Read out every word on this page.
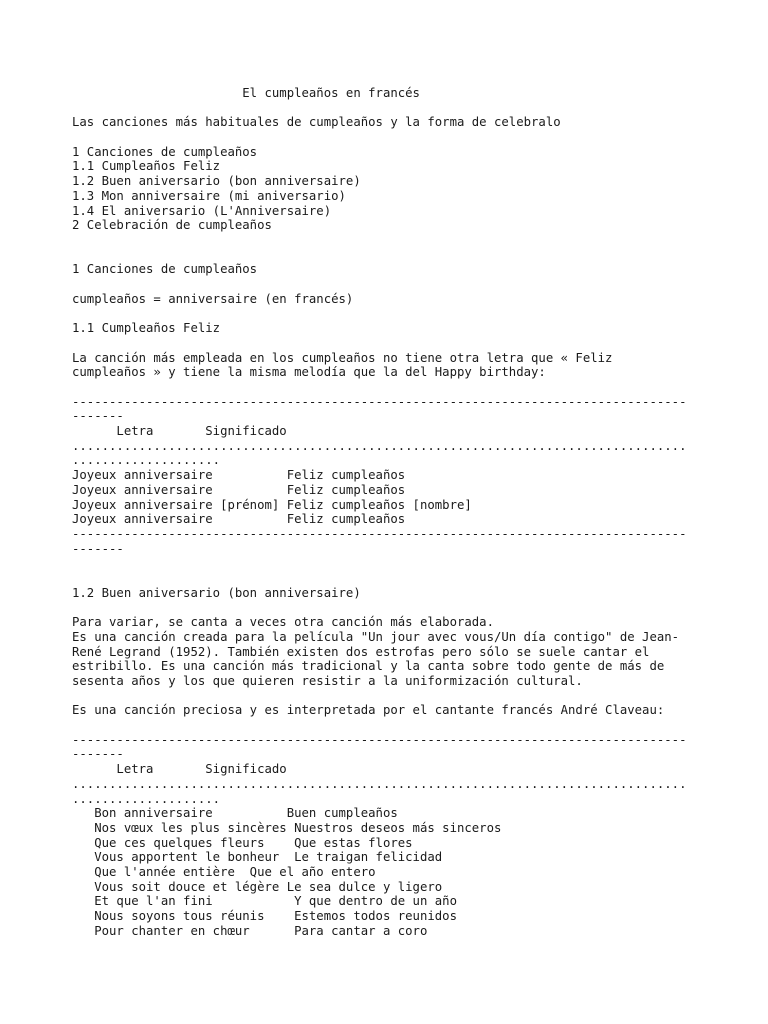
El cumpleaños en francés
Las canciones más habituales de cumpleaños y la forma de celebralo
1 Canciones de cumpleaños
1.1 Cumpleaños Feliz
1.2 Buen aniversario (bon anniversaire)
1.3 Mon anniversaire (mi aniversario)
1.4 El aniversario (L'Anniversaire)
2 Celebración de cumpleaños
1 Canciones de cumpleaños
cumpleaños = anniversaire (en francés)
1.1 Cumpleaños Feliz
La canción más empleada en los cumpleaños no tiene otra letra que « Feliz
cumpleaños » y tiene la misma melodía que la del Happy birthday:
-----------------------------------------------------------------------------------
-------
Letra       Significado
...................................................................................
....................
Joyeux anniversaire          Feliz cumpleaños
Joyeux anniversaire          Feliz cumpleaños
Joyeux anniversaire [prénom] Feliz cumpleaños [nombre]
Joyeux anniversaire          Feliz cumpleaños
-----------------------------------------------------------------------------------
-------
1.2 Buen aniversario (bon anniversaire)
Para variar, se canta a veces otra canción más elaborada.
Es una canción creada para la película "Un jour avec vous/Un día contigo" de Jean-
René Legrand (1952). También existen dos estrofas pero sólo se suele cantar el
estribillo. Es una canción más tradicional y la canta sobre todo gente de más de
sesenta años y los que quieren resistir a la uniformización cultural.
Es una canción preciosa y es interpretada por el cantante francés André Claveau:
-----------------------------------------------------------------------------------
-------
Letra       Significado
...................................................................................
....................
Bon anniversaire          Buen cumpleaños
Nos vœux les plus sincères Nuestros deseos más sinceros
Que ces quelques fleurs    Que estas flores
Vous apportent le bonheur  Le traigan felicidad
Que l'année entière  Que el año entero
Vous soit douce et légère Le sea dulce y ligero
Et que l'an fini           Y que dentro de un año
Nous soyons tous réunis    Estemos todos reunidos
Pour chanter en chœur      Para cantar a coro
